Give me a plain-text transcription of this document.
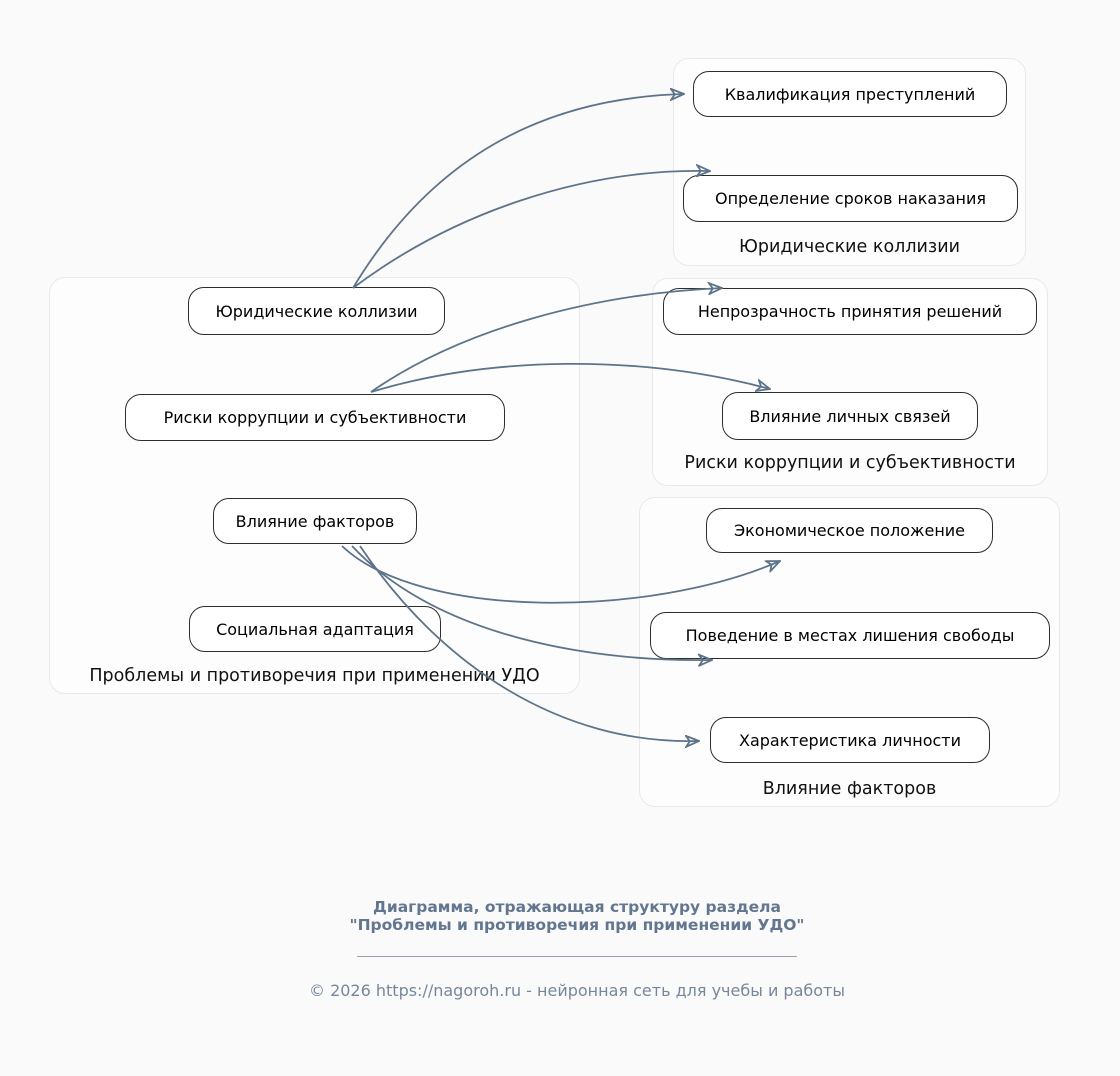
Проблемы и противоречия при применении УДО
Юридические коллизии
Риски коррупции и субъективности
Влияние факторов
Юридические коллизии
Риски коррупции и субъективности
Влияние факторов
Социальная адаптация
Квалификация преступлений
Определение сроков наказания
Непрозрачность принятия решений
Влияние личных связей
Экономическое положение
Поведение в местах лишения свободы
Характеристика личности
Диаграмма, отражающая структуру раздела
"Проблемы и противоречия при применении УДО"
© 2026 https://nagoroh.ru - нейронная сеть для учебы и работы
